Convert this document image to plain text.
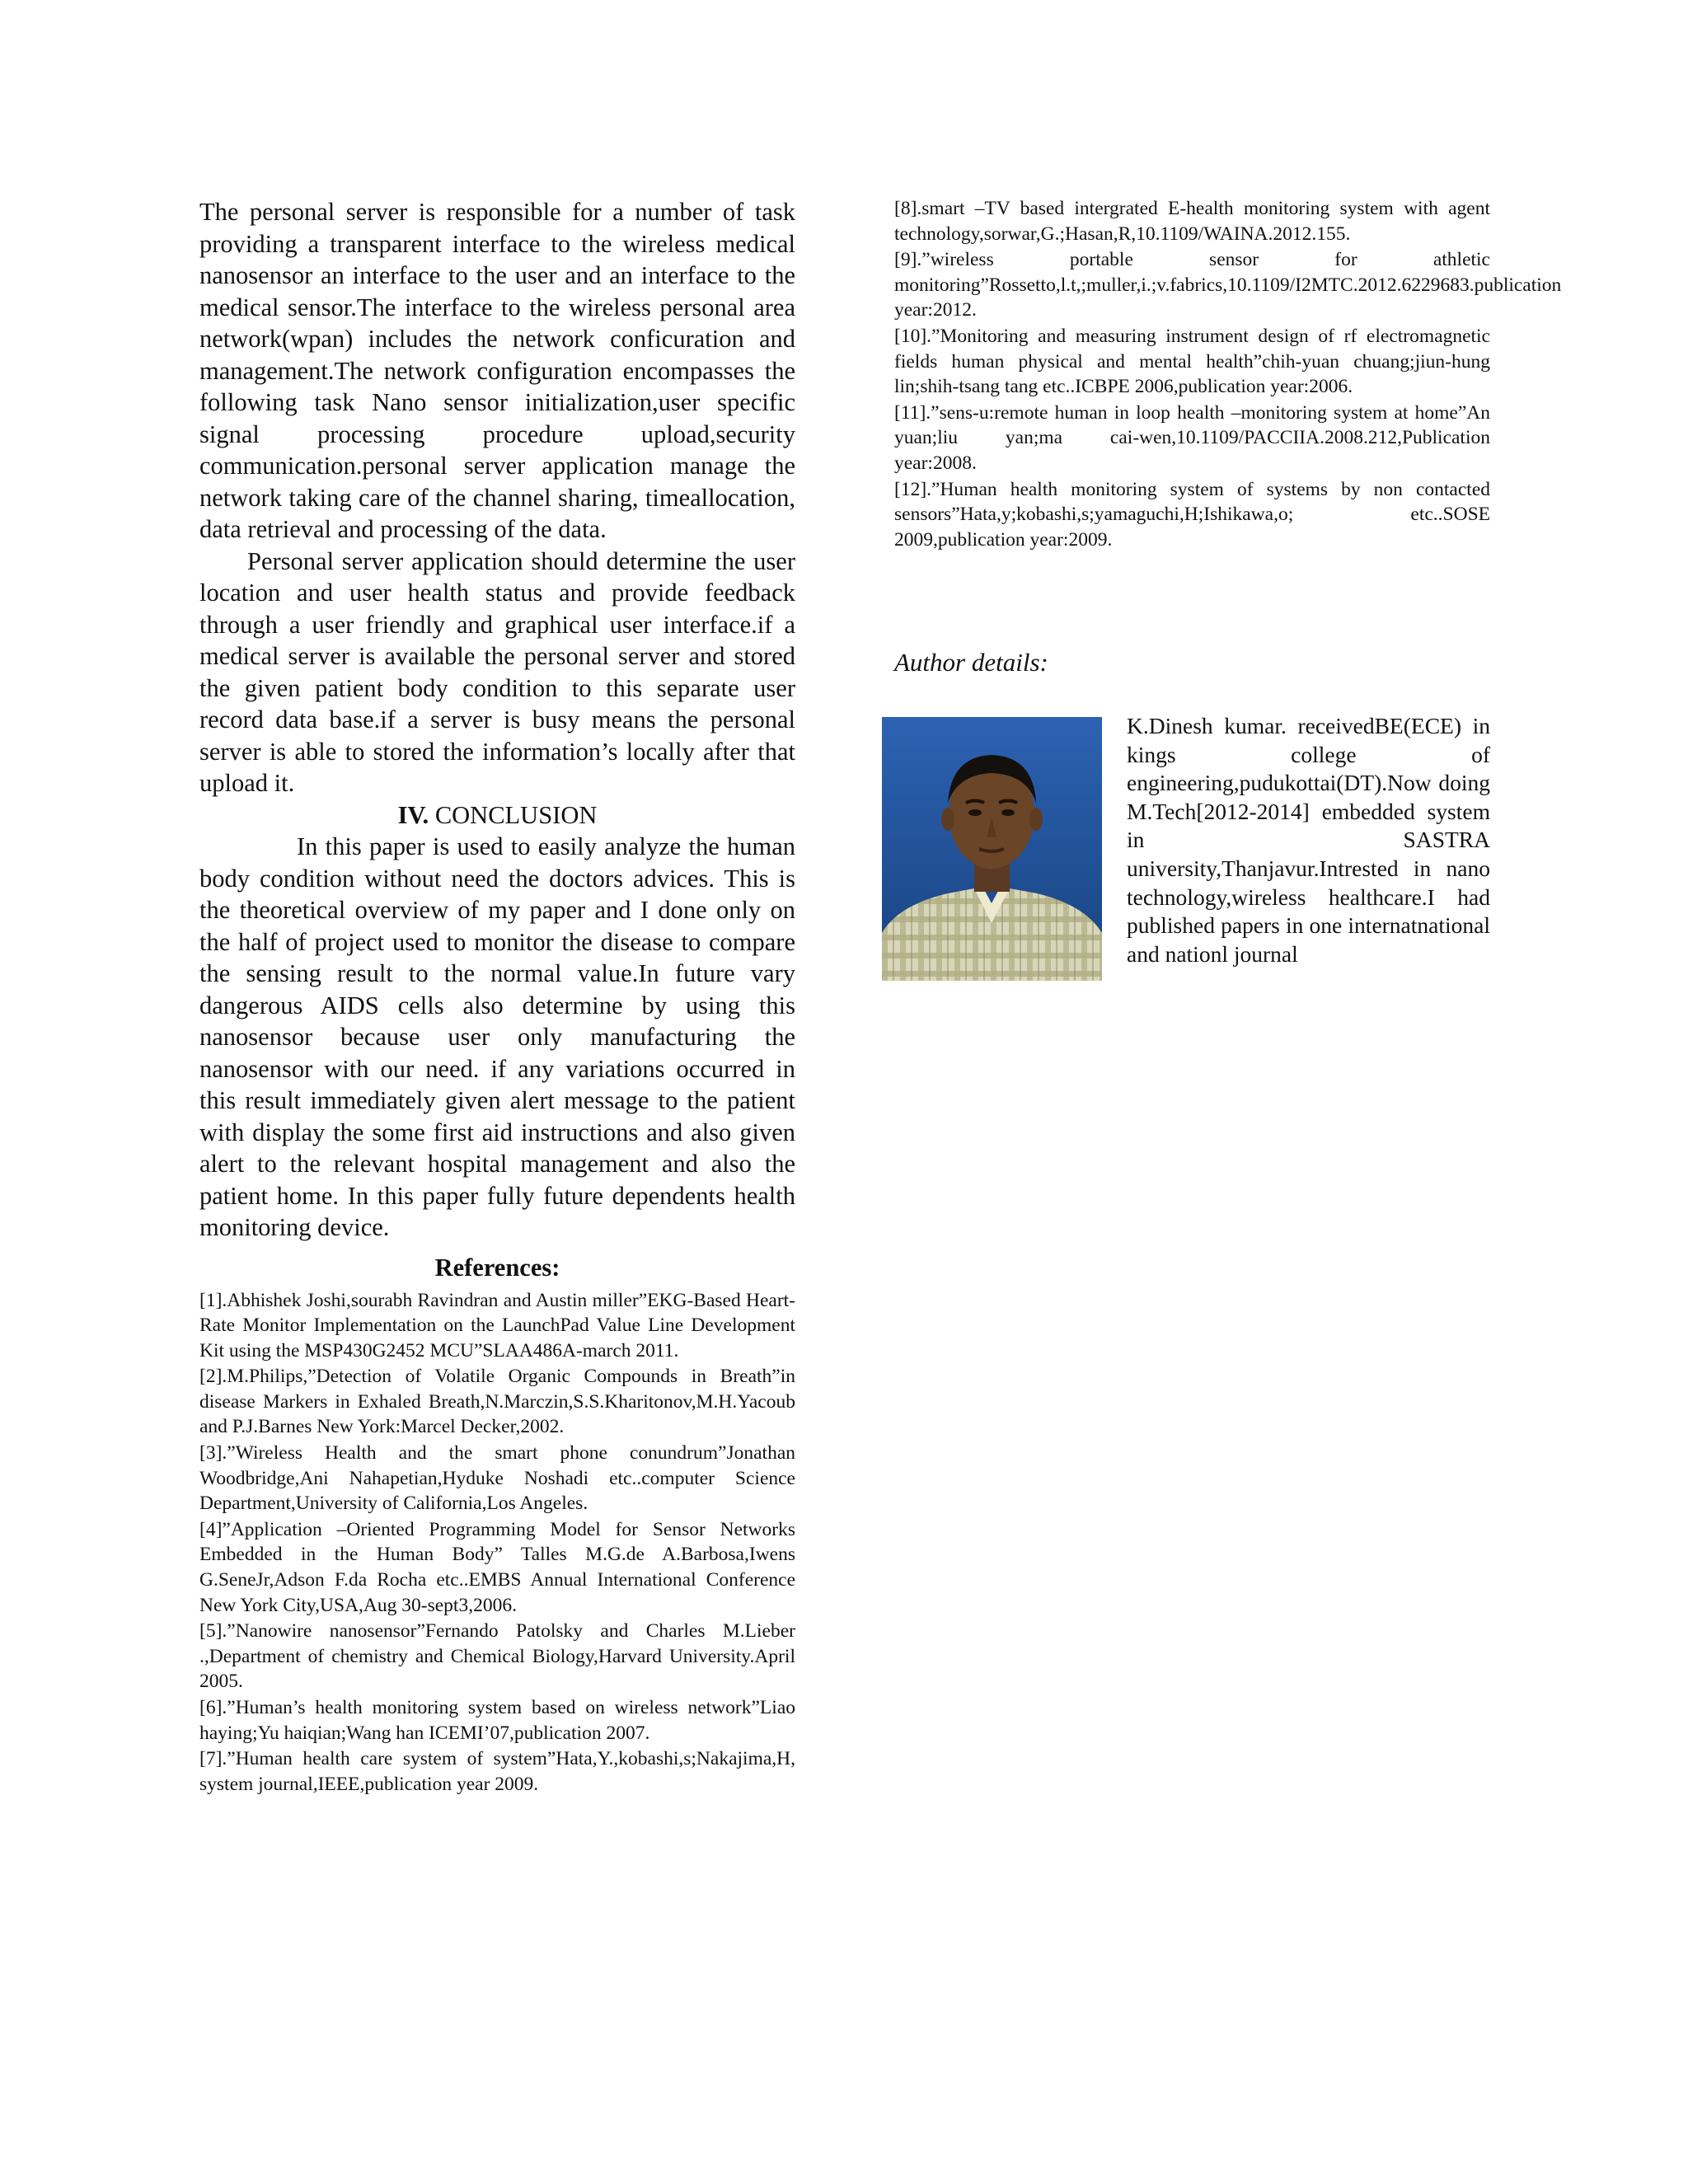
The personal server is responsible for a number of task providing a transparent interface to the wireless medical nanosensor an interface to the user and an interface to the medical sensor.The interface to the wireless personal area network(wpan) includes the network conficuration and management.The network configuration encompasses the following task Nano sensor initialization,user specific signal processing procedure upload,security communication.personal server application manage the network taking care of the channel sharing, timeallocation, data retrieval and processing of the data.

Personal server application should determine the user location and user health status and provide feedback through a user friendly and graphical user interface.if a medical server is available the personal server and stored the given patient body condition to this separate user record data base.if a server is busy means the personal server is able to stored the information’s locally after that upload it.

IV. CONCLUSION

In this paper is used to easily analyze the human body condition without need the doctors advices. This is the theoretical overview of my paper and I done only on the half of project used to monitor the disease to compare the sensing result to the normal value.In future vary dangerous AIDS cells also determine by using this nanosensor because user only manufacturing the nanosensor with our need. if any variations occurred in this result immediately given alert message to the patient with display the some first aid instructions and also given alert to the relevant hospital management and also the patient home. In this paper fully future dependents health monitoring device.

References:

[1].Abhishek Joshi,sourabh Ravindran and Austin miller”EKG-Based Heart-Rate Monitor Implementation on the LaunchPad Value Line Development Kit using the MSP430G2452 MCU”SLAA486A-march 2011.

[2].M.Philips,”Detection of Volatile Organic Compounds in Breath”in disease Markers in Exhaled Breath,N.Marczin,S.S.Kharitonov,M.H.Yacoub and P.J.Barnes New York:Marcel Decker,2002.

[3].”Wireless Health and the smart phone conundrum”Jonathan Woodbridge,Ani Nahapetian,Hyduke Noshadi etc..computer Science Department,University of California,Los Angeles.

[4]”Application –Oriented Programming Model for Sensor Networks Embedded in the Human Body” Talles M.G.de A.Barbosa,Iwens G.SeneJr,Adson F.da Rocha etc..EMBS Annual International Conference New York City,USA,Aug 30-sept3,2006.

[5].”Nanowire nanosensor”Fernando Patolsky and Charles M.Lieber .,Department of chemistry and Chemical Biology,Harvard University.April 2005.

[6].”Human’s health monitoring system based on wireless network”Liao haying;Yu haiqian;Wang han ICEMI’07,publication 2007.

[7].”Human health care system of system”Hata,Y.,kobashi,s;Nakajima,H, system journal,IEEE,publication year 2009.

[8].smart –TV based intergrated E-health monitoring system with agent technology,sorwar,G.;Hasan,R,10.1109/WAINA.2012.155.

[9].”wireless portable sensor for athletic monitoring”Rossetto,l.t,;muller,i.;v.fabrics,10.1109/I2MTC.2012.6229683.publication year:2012.

[10].”Monitoring and measuring instrument design of rf electromagnetic fields human physical and mental health”chih-yuan chuang;jiun-hung lin;shih-tsang tang etc..ICBPE 2006,publication year:2006.

[11].”sens-u:remote human in loop health –monitoring system at home”An yuan;liu yan;ma cai-wen,10.1109/PACCIIA.2008.212,Publication year:2008.

[12].”Human health monitoring system of systems by non contacted sensors”Hata,y;kobashi,s;yamaguchi,H;Ishikawa,o; etc..SOSE 2009,publication year:2009.

Author details:

K.Dinesh kumar. receivedBE(ECE) in kings college of engineering,pudukottai(DT).Now doing M.Tech[2012-2014] embedded system in SASTRA university,Thanjavur.Intrested in nano technology,wireless healthcare.I had published papers in one internatnational and nationl journal
